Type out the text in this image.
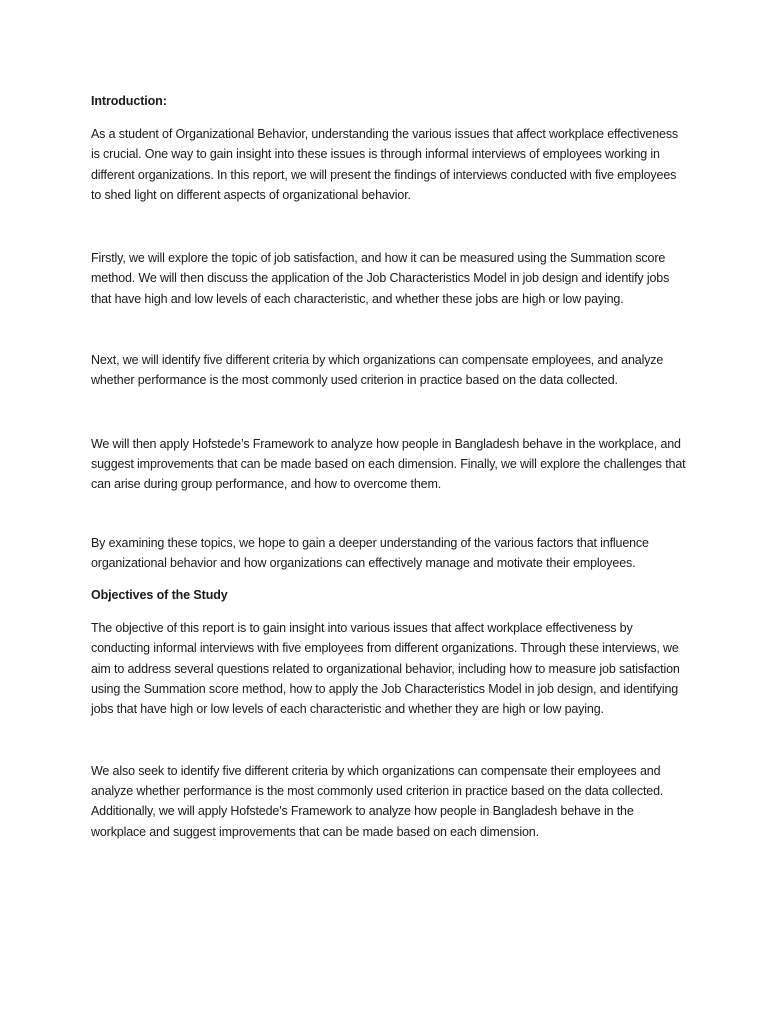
Introduction:

As a student of Organizational Behavior, understanding the various issues that affect workplace effectiveness is crucial. One way to gain insight into these issues is through informal interviews of employees working in different organizations. In this report, we will present the findings of interviews conducted with five employees to shed light on different aspects of organizational behavior.

Firstly, we will explore the topic of job satisfaction, and how it can be measured using the Summation score method. We will then discuss the application of the Job Characteristics Model in job design and identify jobs that have high and low levels of each characteristic, and whether these jobs are high or low paying.

Next, we will identify five different criteria by which organizations can compensate employees, and analyze whether performance is the most commonly used criterion in practice based on the data collected.

We will then apply Hofstede’s Framework to analyze how people in Bangladesh behave in the workplace, and suggest improvements that can be made based on each dimension. Finally, we will explore the challenges that can arise during group performance, and how to overcome them.

By examining these topics, we hope to gain a deeper understanding of the various factors that influence organizational behavior and how organizations can effectively manage and motivate their employees.

Objectives of the Study

The objective of this report is to gain insight into various issues that affect workplace effectiveness by conducting informal interviews with five employees from different organizations. Through these interviews, we aim to address several questions related to organizational behavior, including how to measure job satisfaction using the Summation score method, how to apply the Job Characteristics Model in job design, and identifying jobs that have high or low levels of each characteristic and whether they are high or low paying.

We also seek to identify five different criteria by which organizations can compensate their employees and analyze whether performance is the most commonly used criterion in practice based on the data collected. Additionally, we will apply Hofstede's Framework to analyze how people in Bangladesh behave in the workplace and suggest improvements that can be made based on each dimension.
